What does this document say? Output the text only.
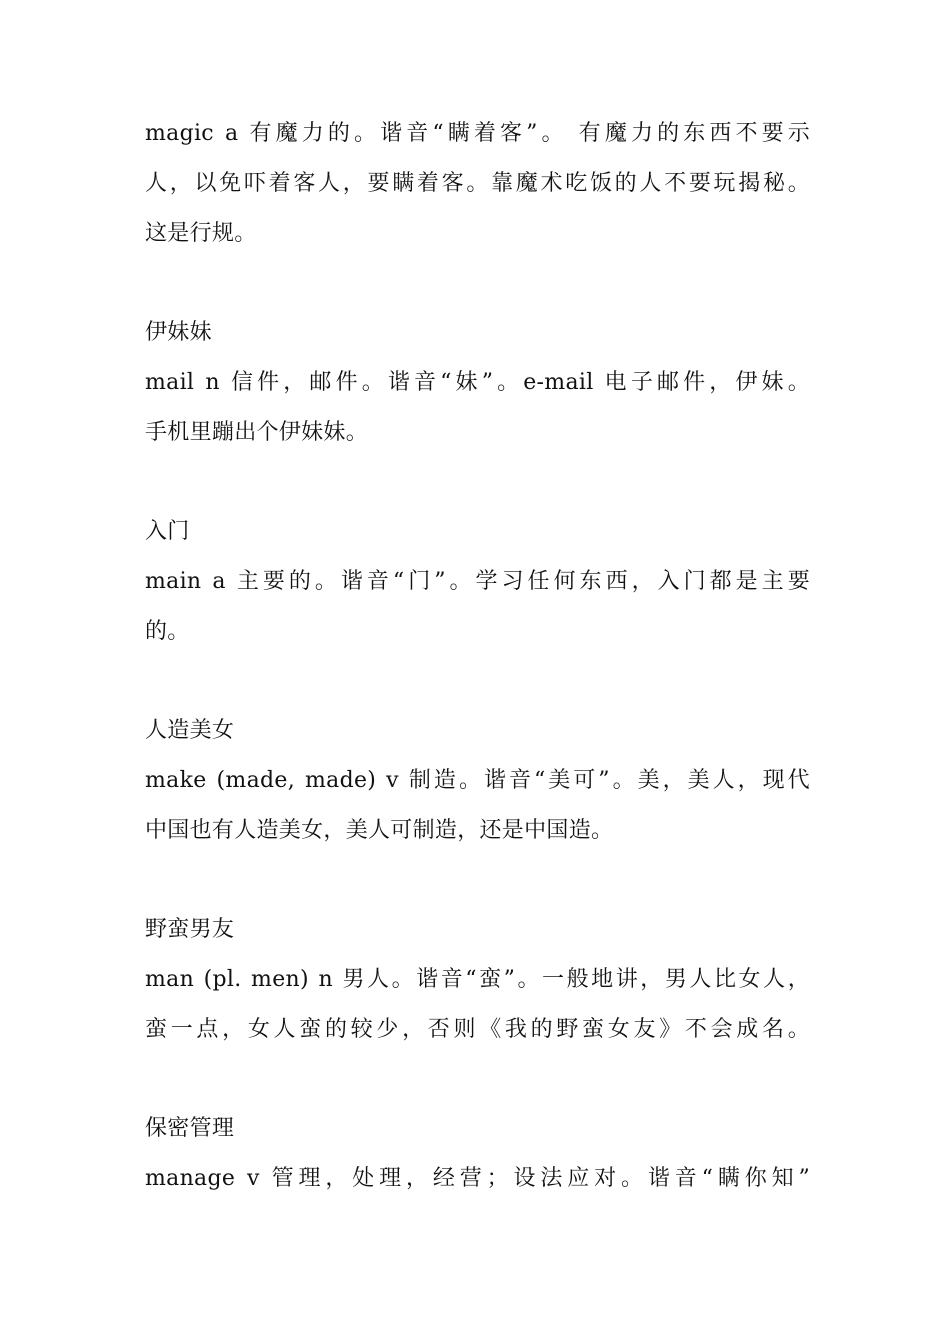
magic a 有魔力的。谐音“瞒着客”。 有魔力的东西不要示
人，以免吓着客人，要瞒着客。靠魔术吃饭的人不要玩揭秘。
这是行规。
伊妹妹
mail n 信件，邮件。谐音“妹”。e-mail 电子邮件，伊妹。
手机里蹦出个伊妹妹。
入门
main a 主要的。谐音“门”。学习任何东西，入门都是主要
的。
人造美女
make (made, made) v 制造。谐音“美可”。美，美人，现代
中国也有人造美女，美人可制造，还是中国造。
野蛮男友
man (pl. men) n 男人。谐音“蛮”。一般地讲，男人比女人，
蛮一点，女人蛮的较少，否则《我的野蛮女友》不会成名。
保密管理
manage v 管理，处理，经营；设法应对。谐音“瞒你知”
